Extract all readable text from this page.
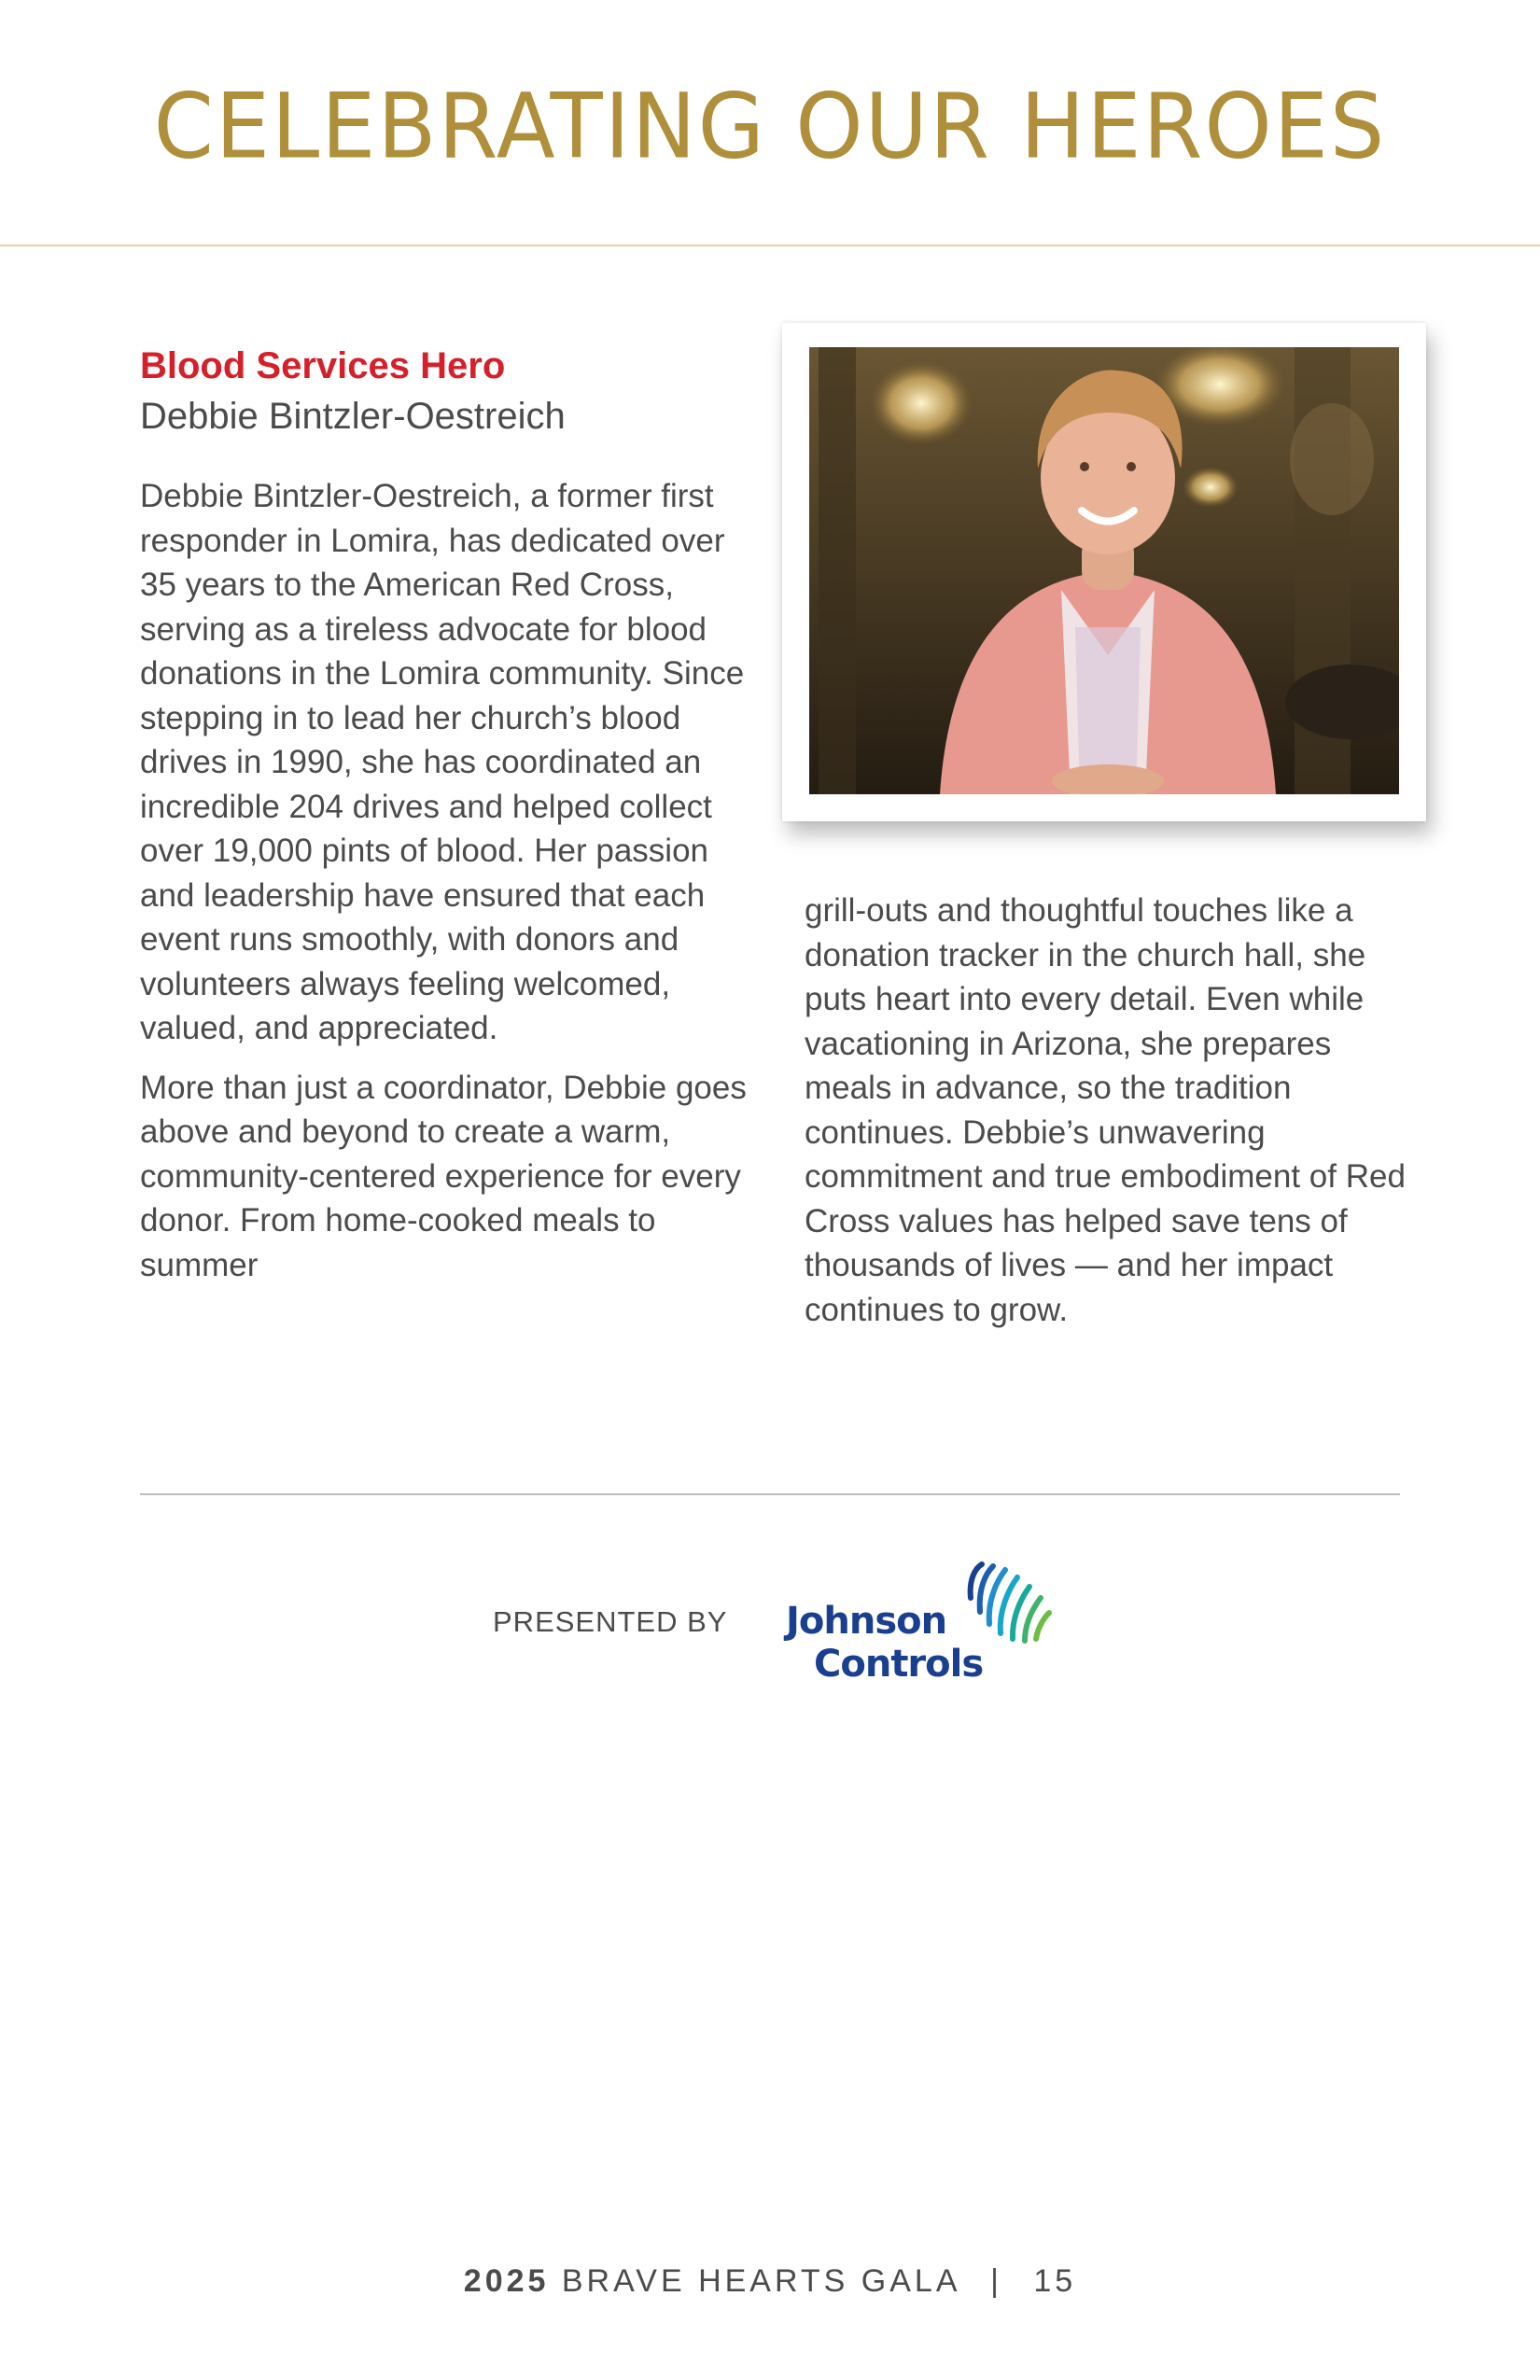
CELEBRATING OUR HEROES
Blood Services Hero
Debbie Bintzler-Oestreich

Debbie Bintzler-Oestreich, a former first responder in Lomira, has dedicated over 35 years to the American Red Cross, serving as a tireless advocate for blood donations in the Lomira community. Since stepping in to lead her church’s blood drives in 1990, she has coordinated an incredible 204 drives and helped collect over 19,000 pints of blood. Her passion and leadership have ensured that each event runs smoothly, with donors and volunteers always feeling welcomed, valued, and appreciated.

More than just a coordinator, Debbie goes above and beyond to create a warm, community-centered experience for every donor. From home-cooked meals to summer

grill-outs and thoughtful touches like a donation tracker in the church hall, she puts heart into every detail. Even while vacationing in Arizona, she prepares meals in advance, so the tradition continues. Debbie’s unwavering commitment and true embodiment of Red Cross values has helped save tens of thousands of lives — and her impact continues to grow.

PRESENTED BY Johnson
Controls
2025 BRAVE HEARTS GALA | 15
